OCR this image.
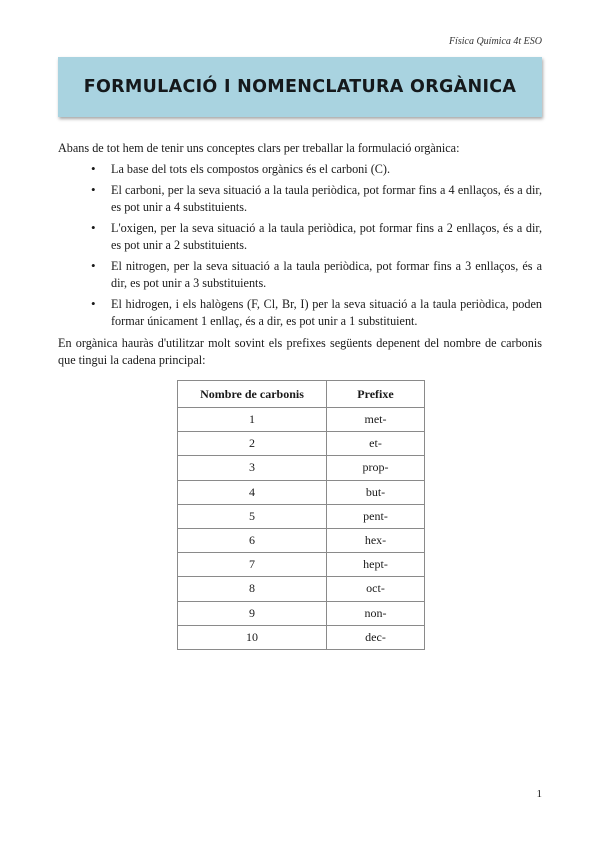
Física Química 4t ESO
FORMULACIÓ I NOMENCLATURA ORGÀNICA

Abans de tot hem de tenir uns conceptes clars per treballar la formulació orgànica:

• La base del tots els compostos orgànics és el carboni (C).
• El carboni, per la seva situació a la taula periòdica, pot formar fins a 4 enllaços, és a dir, es pot unir a 4 substituients.
• L'oxigen, per la seva situació a la taula periòdica, pot formar fins a 2 enllaços, és a dir, es pot unir a 2 substituients.
• El nitrogen, per la seva situació a la taula periòdica, pot formar fins a 3 enllaços, és a dir, es pot unir a 3 substituients.
• El hidrogen, i els halògens (F, Cl, Br, I) per la seva situació a la taula periòdica, poden formar únicament 1 enllaç, és a dir, es pot unir a 1 substituient.

En orgànica hauràs d'utilitzar molt sovint els prefixes següents depenent del nombre de carbonis que tingui la cadena principal:

Nombre de carbonis	Prefixe
1	met-
2	et-
3	prop-
4	but-
5	pent-
6	hex-
7	hept-
8	oct-
9	non-
10	dec-
1
